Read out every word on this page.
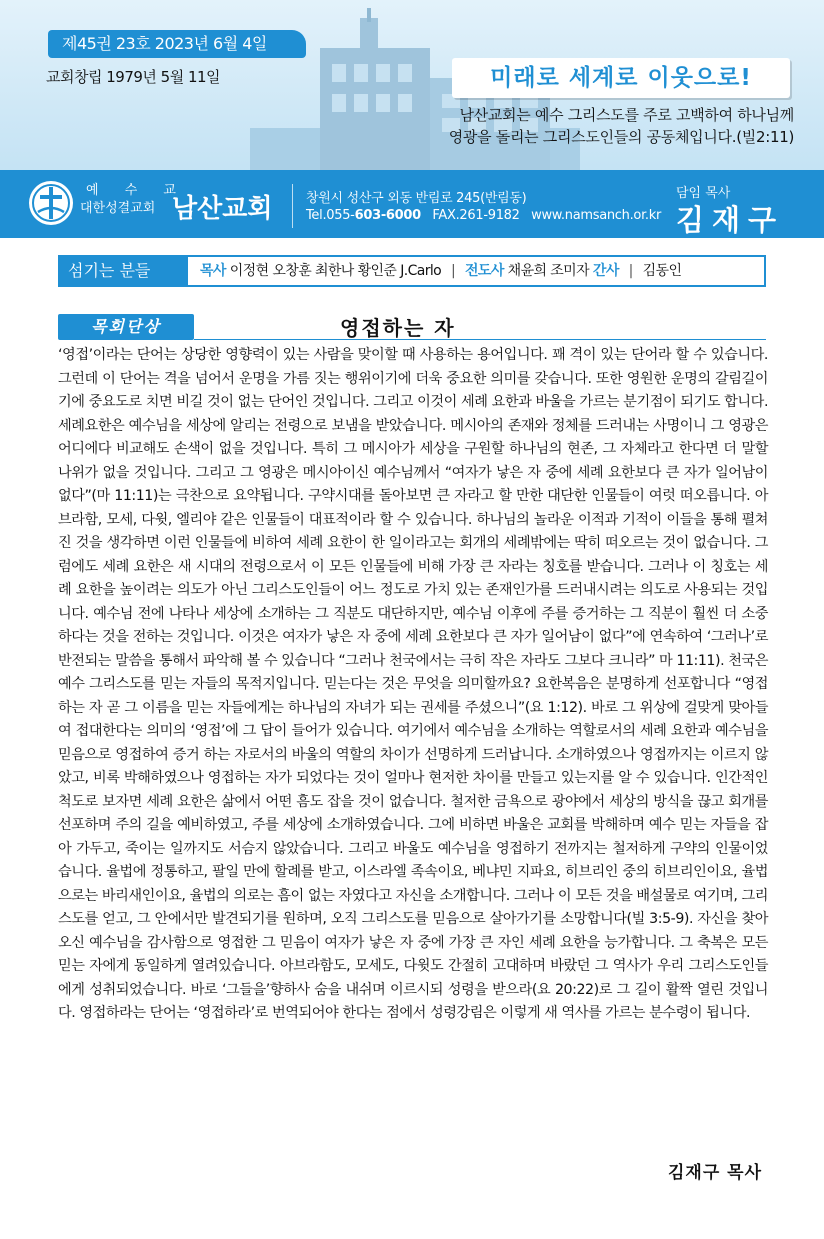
제45권 23호 2023년 6월 4일
교회창립 1979년 5월 11일	미래로 세계로 이웃으로!
남산교회는 예수 그리스도를 주로 고백하여 하나님께
영광을 돌리는 그리스도인들의 공동체입니다.(빌2:11)
예 수 교
대한성결교회 남산교회	창원시 성산구 외동 반림로 245(반림동)
Tel.055-603-6000 FAX.261-9182 www.namsanch.or.kr
담임 목사
김재구
섬기는 분들	목사 이정현 오창훈 최한나 황인준 J.Carlo | 전도사 채윤희 조미자 간사 | 김동인
목회단상	영접하는 자
‘영접’이라는 단어는 상당한 영향력이 있는 사람을 맞이할 때 사용하는 용어입니다. 꽤 격이 있는 단어라 할 수 있습니다. 그런데 이 단어는 격을 넘어서 운명을 가름 짓는 행위이기에 더욱 중요한 의미를 갖습니다. 또한 영원한 운명의 갈림길이기에 중요도로 치면 비길 것이 없는 단어인 것입니다. 그리고 이것이 세례 요한과 바울을 가르는 분기점이 되기도 합니다. 세례요한은 예수님을 세상에 알리는 전령으로 보냄을 받았습니다. 메시아의 존재와 정체를 드러내는 사명이니 그 영광은 어디에다 비교해도 손색이 없을 것입니다. 특히 그 메시아가 세상을 구원할 하나님의 현존, 그 자체라고 한다면 더 말할 나위가 없을 것입니다. 그리고 그 영광은 메시아이신 예수님께서 “여자가 낳은 자 중에 세례 요한보다 큰 자가 일어남이 없다”(마 11:11)는 극찬으로 요약됩니다. 구약시대를 돌아보면 큰 자라고 할 만한 대단한 인물들이 여럿 떠오릅니다. 아브라함, 모세, 다윗, 엘리야 같은 인물들이 대표적이라 할 수 있습니다. 하나님의 놀라운 이적과 기적이 이들을 통해 펼쳐진 것을 생각하면 이런 인물들에 비하여 세례 요한이 한 일이라고는 회개의 세례밖에는 딱히 떠오르는 것이 없습니다. 그럼에도 세례 요한은 새 시대의 전령으로서 이 모든 인물들에 비해 가장 큰 자라는 칭호를 받습니다. 그러나 이 칭호는 세례 요한을 높이려는 의도가 아닌 그리스도인들이 어느 정도로 가치 있는 존재인가를 드러내시려는 의도로 사용되는 것입니다. 예수님 전에 나타나 세상에 소개하는 그 직분도 대단하지만, 예수님 이후에 주를 증거하는 그 직분이 훨씬 더 소중하다는 것을 전하는 것입니다. 이것은 여자가 낳은 자 중에 세례 요한보다 큰 자가 일어남이 없다”에 연속하여 ‘그러나’로 반전되는 말씀을 통해서 파악해 볼 수 있습니다 “그러나 천국에서는 극히 작은 자라도 그보다 크니라” 마 11:11). 천국은 예수 그리스도를 믿는 자들의 목적지입니다. 믿는다는 것은 무엇을 의미할까요? 요한복음은 분명하게 선포합니다 “영접하는 자 곧 그 이름을 믿는 자들에게는 하나님의 자녀가 되는 권세를 주셨으니”(요 1:12). 바로 그 위상에 걸맞게 맞아들여 접대한다는 의미의 ‘영접’에 그 답이 들어가 있습니다. 여기에서 예수님을 소개하는 역할로서의 세례 요한과 예수님을 믿음으로 영접하여 증거 하는 자로서의 바울의 역할의 차이가 선명하게 드러납니다. 소개하였으나 영접까지는 이르지 않았고, 비록 박해하였으나 영접하는 자가 되었다는 것이 얼마나 현저한 차이를 만들고 있는지를 알 수 있습니다. 인간적인 척도로 보자면 세례 요한은 삶에서 어떤 흠도 잡을 것이 없습니다. 철저한 금욕으로 광야에서 세상의 방식을 끊고 회개를 선포하며 주의 길을 예비하였고, 주를 세상에 소개하였습니다. 그에 비하면 바울은 교회를 박해하며 예수 믿는 자들을 잡아 가두고, 죽이는 일까지도 서슴지 않았습니다. 그리고 바울도 예수님을 영접하기 전까지는 철저하게 구약의 인물이었습니다. 율법에 정통하고, 팔일 만에 할례를 받고, 이스라엘 족속이요, 베냐민 지파요, 히브리인 중의 히브리인이요, 율법으로는 바리새인이요, 율법의 의로는 흠이 없는 자였다고 자신을 소개합니다. 그러나 이 모든 것을 배설물로 여기며, 그리스도를 얻고, 그 안에서만 발견되기를 원하며, 오직 그리스도를 믿음으로 살아가기를 소망합니다(빌 3:5-9). 자신을 찾아오신 예수님을 감사함으로 영접한 그 믿음이 여자가 낳은 자 중에 가장 큰 자인 세례 요한을 능가합니다. 그 축복은 모든 믿는 자에게 동일하게 열려있습니다. 아브라함도, 모세도, 다윗도 간절히 고대하며 바랐던 그 역사가 우리 그리스도인들에게 성취되었습니다. 바로 ‘그들을’향하사 숨을 내쉬며 이르시되 성령을 받으라(요 20:22)로 그 길이 활짝 열린 것입니다. 영접하라는 단어는 ‘영접하라’로 번역되어야 한다는 점에서 성령강림은 이렇게 새 역사를 가르는 분수령이 됩니다.
김재구 목사
